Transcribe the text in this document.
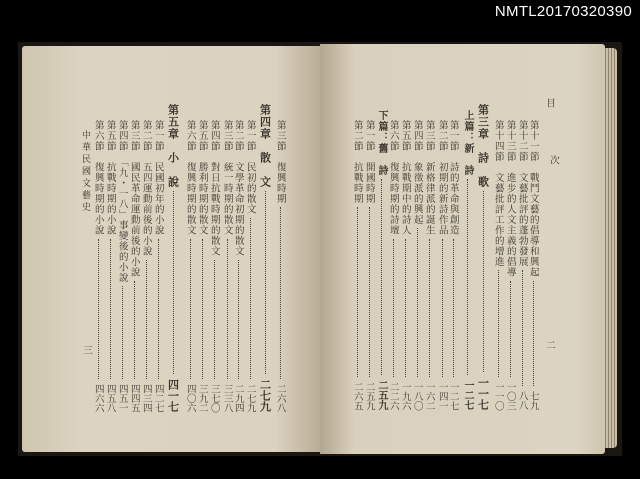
NMTL20170320390
目
次
二
中華民國文藝史
三
第十一節　戰鬥文藝的倡導和興起
七九
第十二節　文藝批評的蓬勃發展
八八
第十三節　進步的人文主義的倡導
一〇三
第十四節　文藝批評工作的增進
一一〇
第三章　詩　歌
一一七
上篇：新　詩
一二七
第一節　詩的革命與創造
一二七
第二節　初期的新詩作品
一四一
第三節　新格律派的誕生
一六二
第四節　象徵派的興起
一八〇
第五節　抗戰期中的詩人
一九六
第六節　復興時期的詩壇
二二六
下篇：舊　詩
二五九
第一節　開國時期
二五九
第二節　抗戰時期
二六五
第三節　復興時期
二六八
第四章　散　文
二七九
第一節　民初的散文
二七九
第二節　文學革命初期的散文
二九四
第三節　統一時期的散文
三三八
第四節　對日抗戰時期的散文
三七〇
第五節　勝利時期的散文
三九二
第六節　復興時期的散文
四〇六
第五章　小　說
四一七
第一節　民國初年的小說
四二七
第二節　五四運動前後的小說
四三四
第三節　國民革命運動前後的小說
四四五
第四節　「九・一八」事變後的小說
四五一
第五節　抗戰時期的小說
四五八
第六節　復興時期的小說
四六六
